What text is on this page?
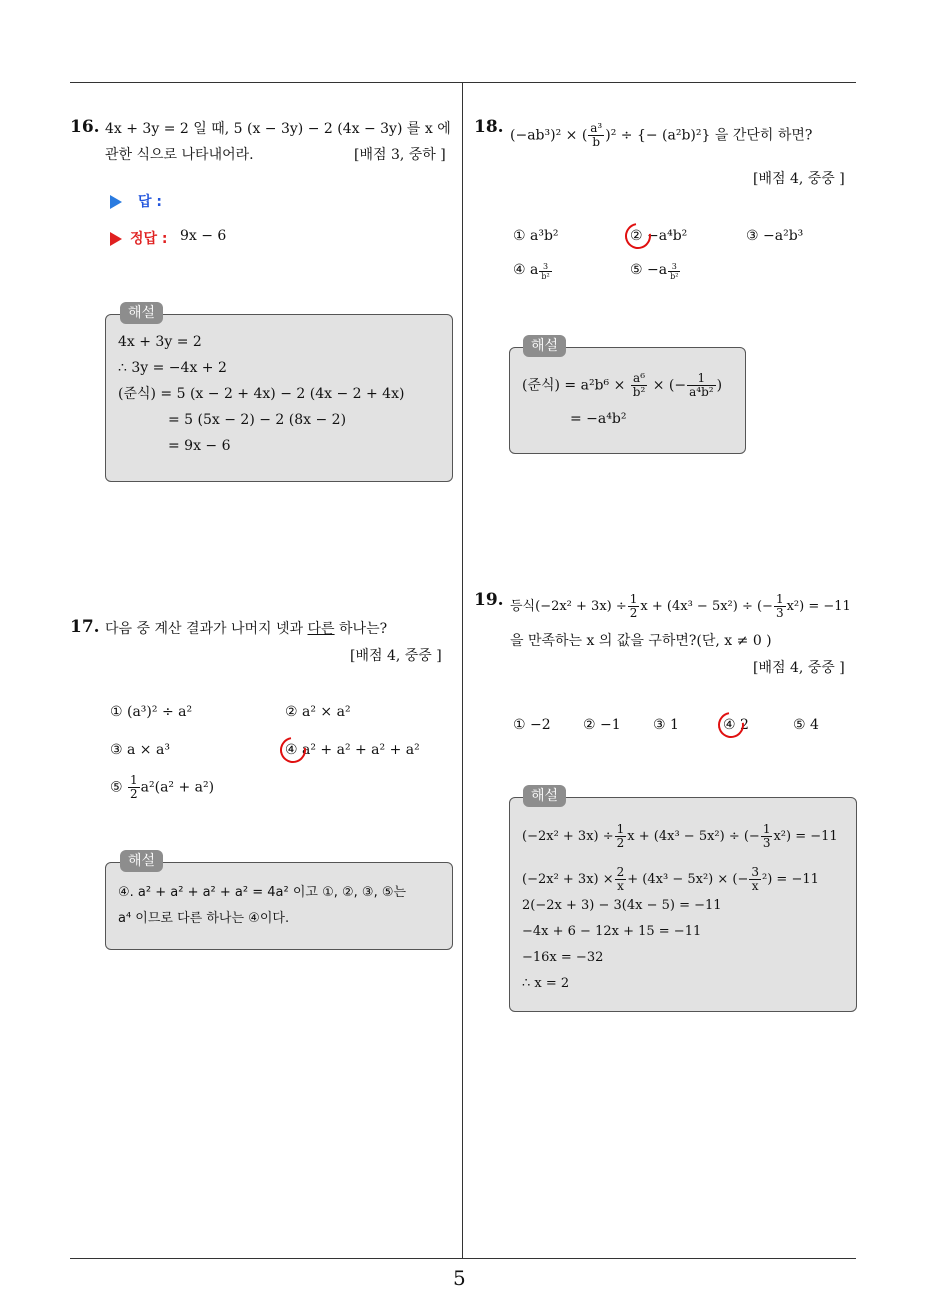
16. 4x + 3y = 2 일 때, 5 (x − 3y) − 2 (4x − 3y) 를 x 에
관한 식으로 나타내어라.	[배점 3, 중하 ]
답 :
정답 : 9x − 6
해설
4x + 3y = 2
∴ 3y = −4x + 2
(준식) = 5 (x − 2 + 4x) − 2 (4x − 2 + 4x)
= 5 (5x − 2) − 2 (8x − 2)
= 9x − 6
17. 다음 중 계산 결과가 나머지 넷과 다른 하나는?
[배점 4, 중중 ]
① (a³)² ÷ a²	② a² × a²
③ a × a³	④ a² + a² + a² + a²
⑤ $\frac{1}{2} a^2(a^2 + a^2)$
해설
④. a² + a² + a² + a² = 4a² 이고 ①, ②, ③, ⑤는
a⁴ 이므로 다른 하나는 ④이다.
18. (−ab³)² × ( $\frac{\text{a³}}{b} )^2$ ÷ {− (a²b)²} 을 간단히 하면?
[배점 4, 중중 ]
① a³b²	② −a⁴b²	③ −a²b³
④ a $\frac{3}{\text{b²}}$	⑤ $-a \frac{3}{\text{b²}}$
해설
(준식) = $a^2b^6 \times \frac{\text{a⁶}}{\text{b²}}$ × (− $\frac{1}{\text{a⁴b²}}$ )
= −a⁴b²
19. 등식$(-2x^2 + 3x) \div \frac{1}{2}$ x + (4x³ − 5x²) ÷ (− $\frac{1}{3} x^2) = -11$
을 만족하는 x 의 값을 구하면?(단, x ≠ 0 )
[배점 4, 중중 ]
① −2 ② −1 ③ 1	④ 2	⑤ 4
해설
$(-2x^2 + 3x) \div \frac{1}{2}$ x + (4x³ − 5x²) ÷ (− $\frac{1}{3} x^2) = -11$
$(-2x^2 + 3x) \times \frac{2}{x} + (4x^3 - 5x^2)$ × (− $\frac{3}{x} ^2) = -11$
2(−2x + 3) − 3(4x − 5) = −11
−4x + 6 − 12x + 15 = −11
−16x = −32
∴ x = 2
5
